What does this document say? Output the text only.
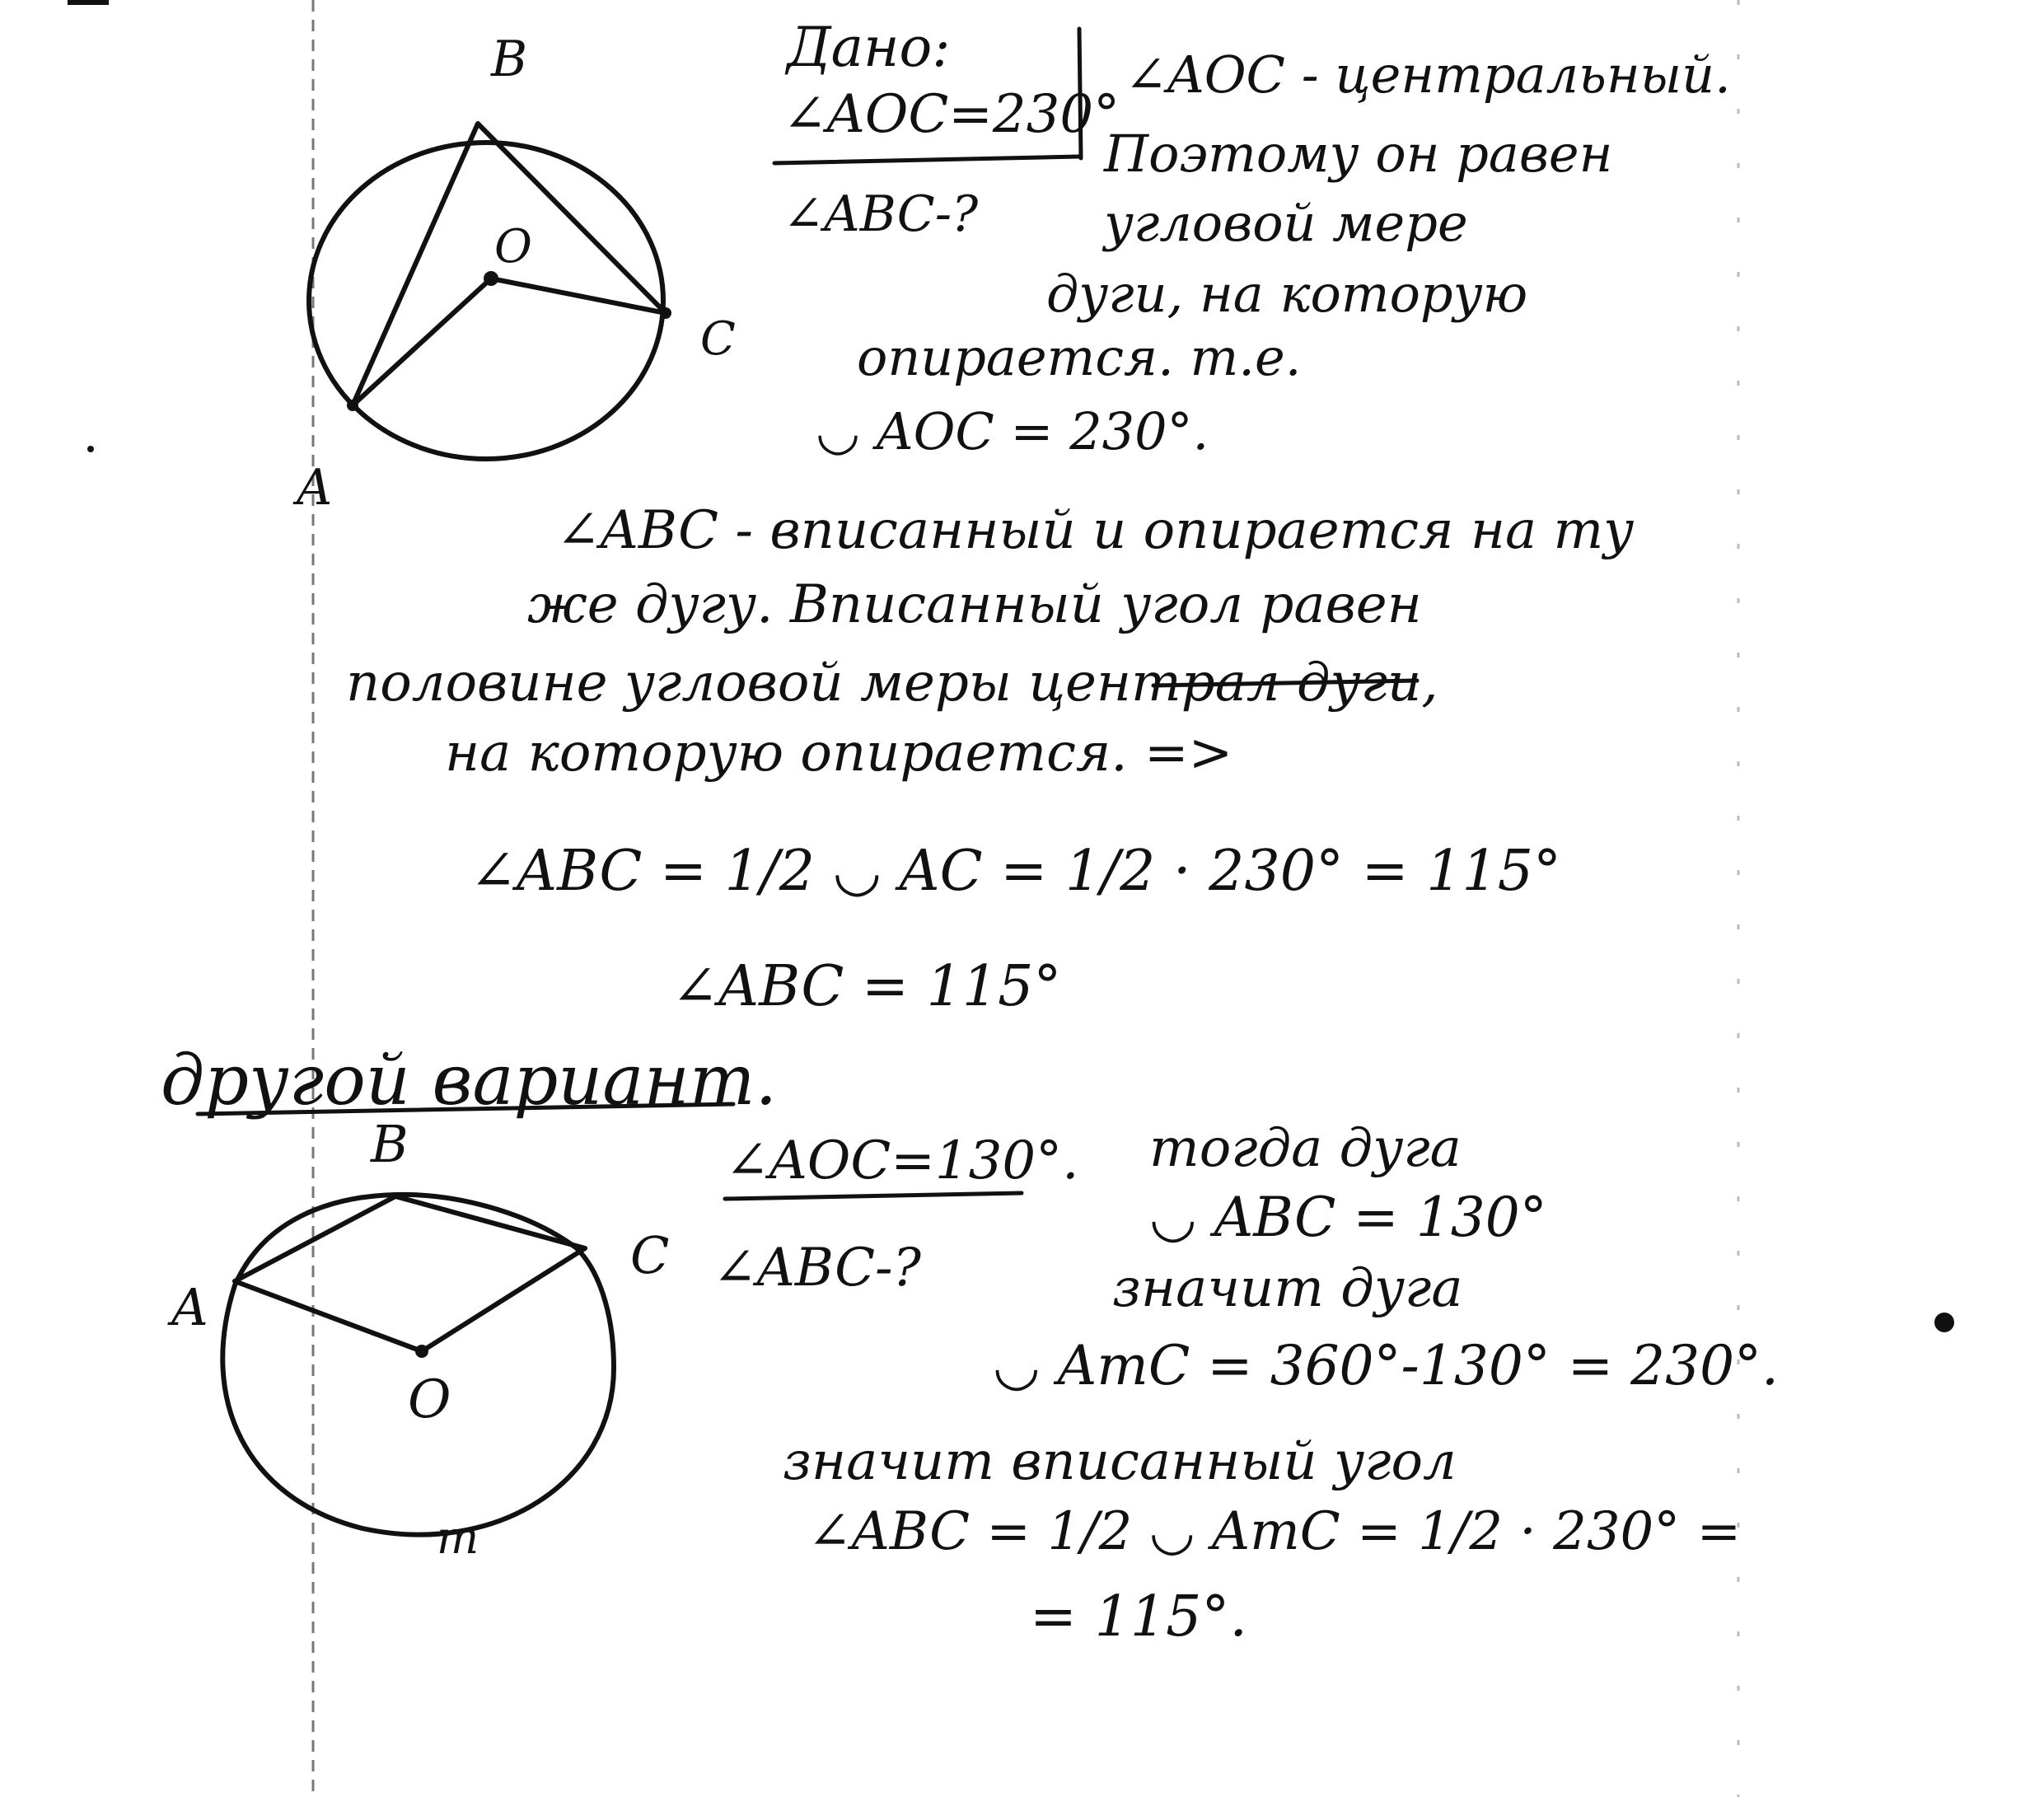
B
O
C
A
Дано:
∠AOC=230°
∠ABC-?
∠AOC - центральный.
Поэтому он равен
угловой мере
дуги, на которую
опирается. т.е.
◡ AOC = 230°.
∠ABC - вписанный и опирается на ту
же дугу. Вписанный угол равен
половине угловой меры централ дуги,
на которую опирается. =>
∠ABC = 1/2 ◡ AC = 1/2 · 230° = 115°
∠ABC = 115°
другой вариант.
B
A
C
O
m
∠AOC=130°.
∠ABC-?
тогда дуга
◡ ABC = 130°
значит дуга
◡ AmC = 360°-130° = 230°.
значит вписанный угол
∠ABC = 1/2 ◡ AmC = 1/2 · 230° =
= 115°.
